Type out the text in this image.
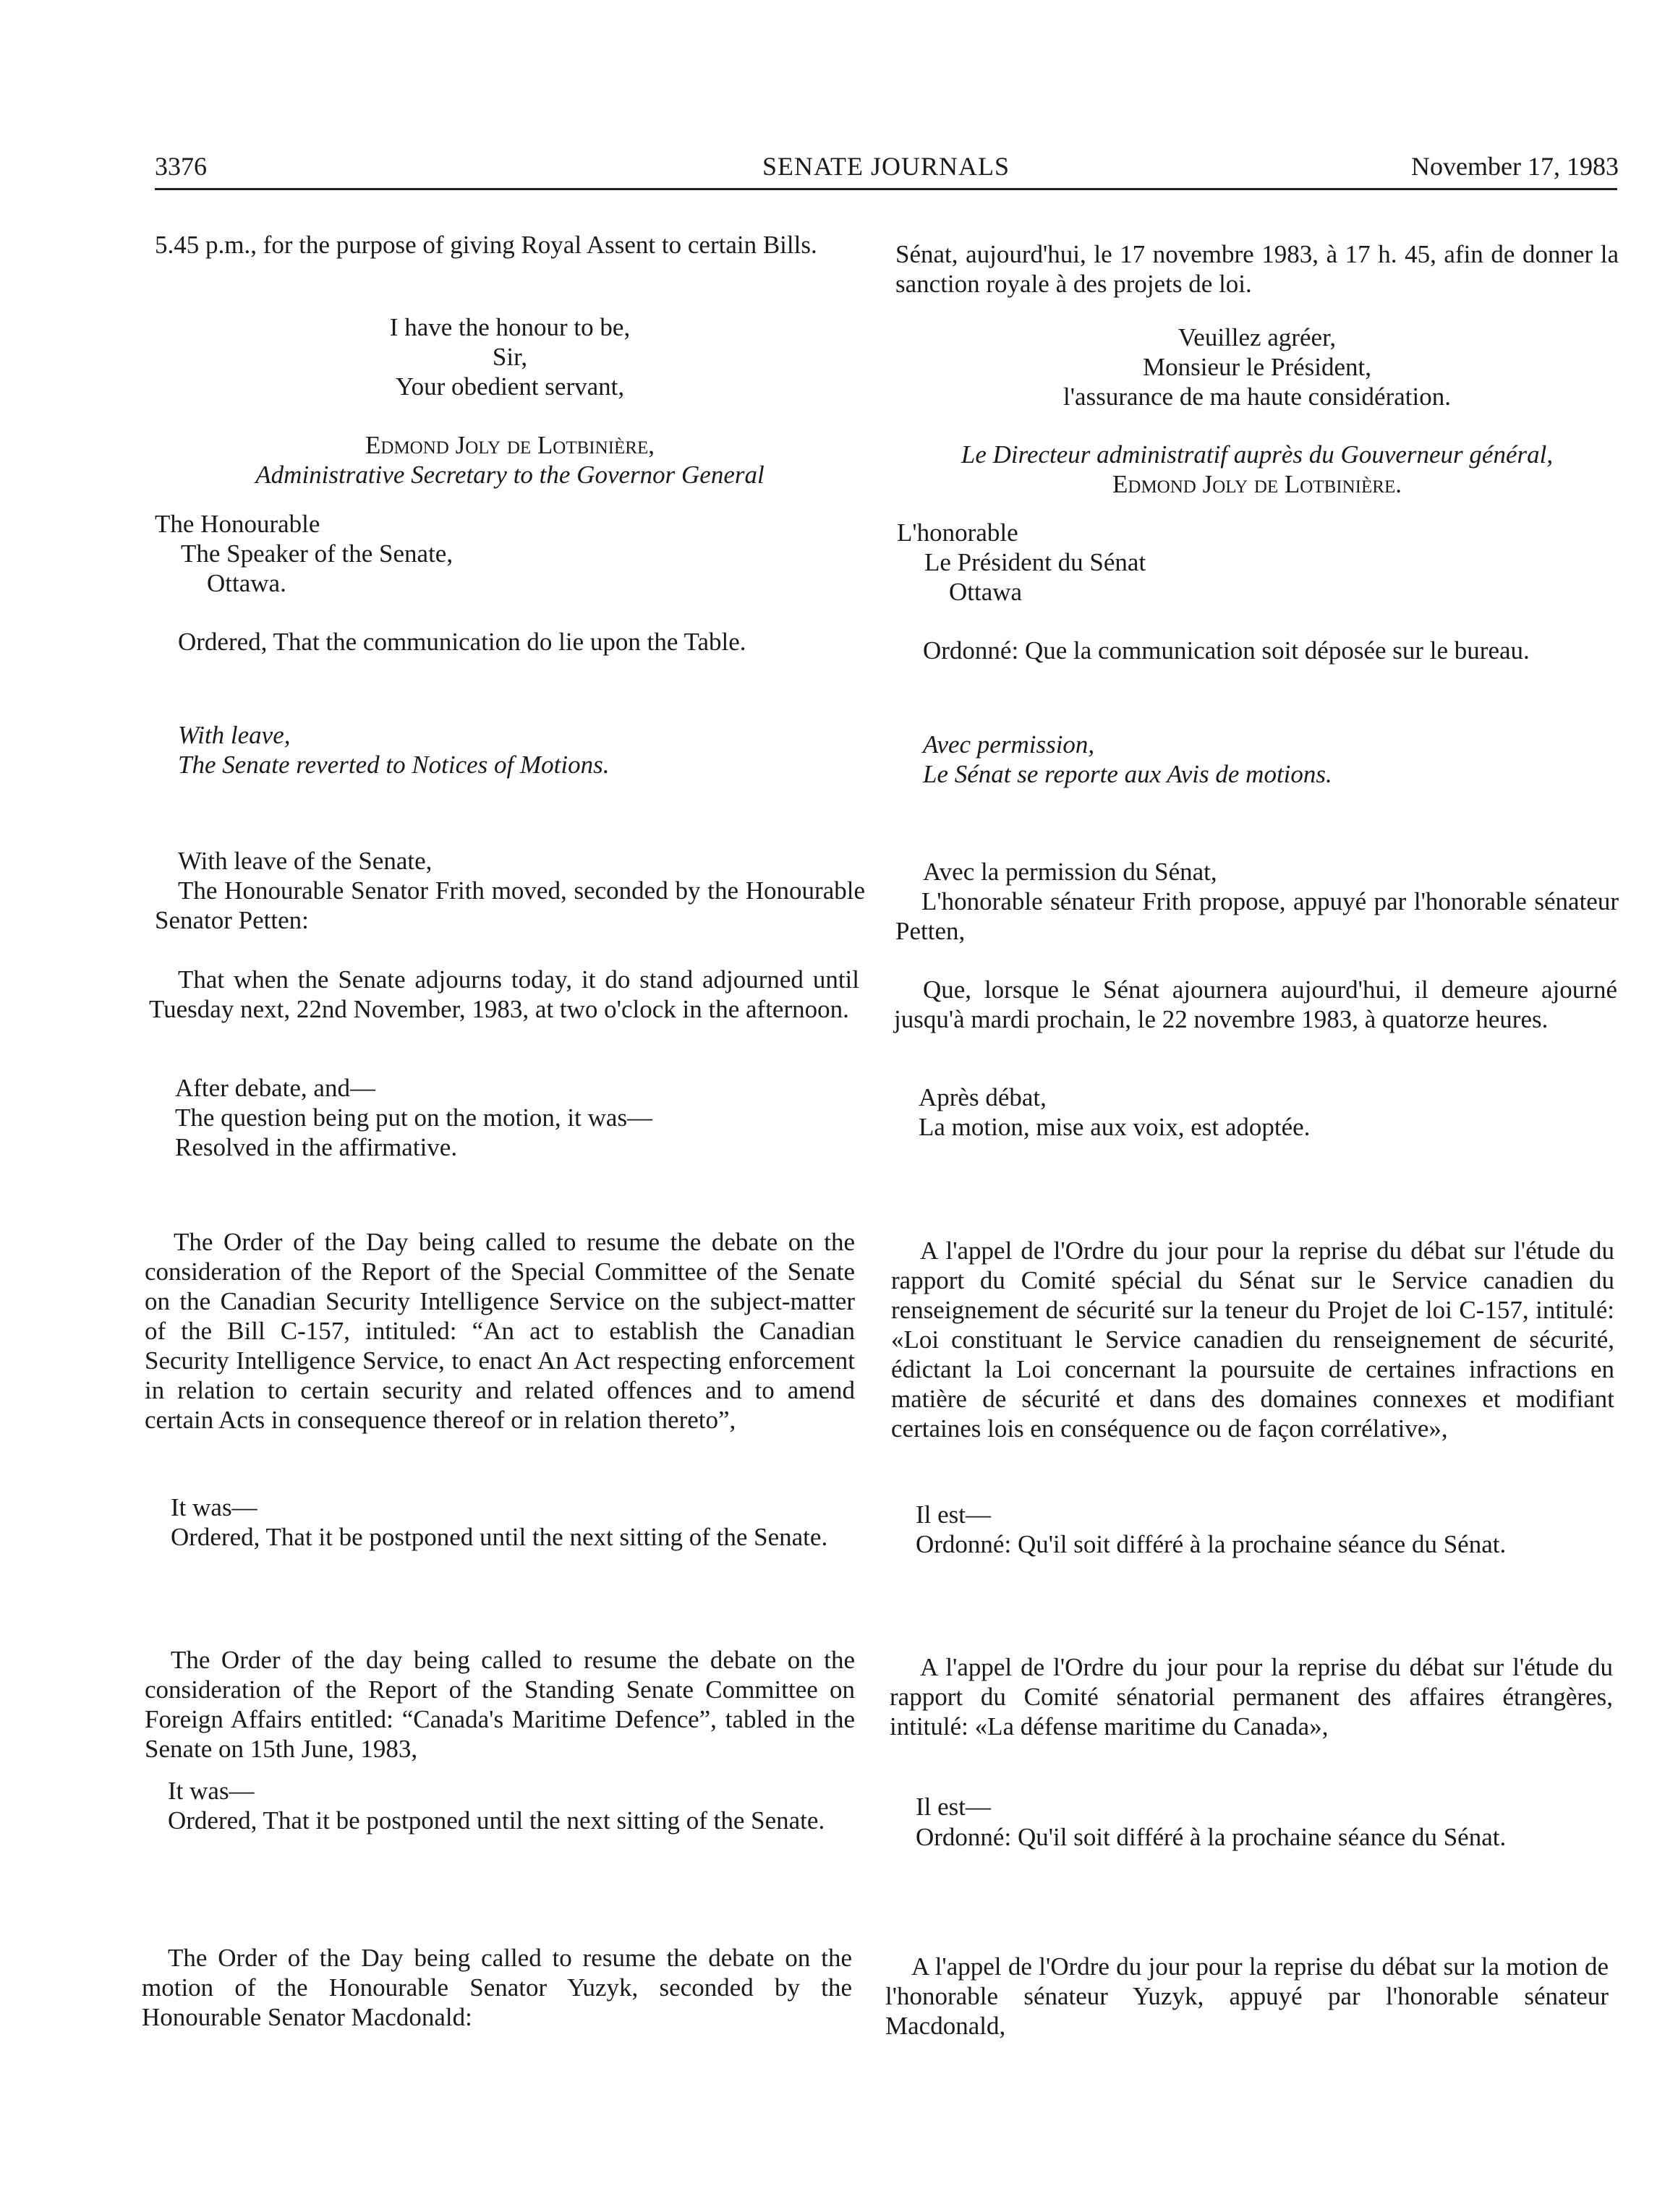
3376	SENATE JOURNALS	November 17, 1983

5.45 p.m., for the purpose of giving Royal Assent to certain Bills.

I have the honour to be,
Sir,
Your obedient servant,
Edmond Joly de Lotbinière,
Administrative Secretary to the Governor General
The Honourable
The Speaker of the Senate,
Ottawa.

Ordered, That the communication do lie upon the Table.

With leave,
The Senate reverted to Notices of Motions.

With leave of the Senate,

The Honourable Senator Frith moved, seconded by the Honourable Senator Petten:

That when the Senate adjourns today, it do stand adjourned until Tuesday next, 22nd November, 1983, at two o'clock in the afternoon.

After debate, and—
The question being put on the motion, it was—
Resolved in the affirmative.

The Order of the Day being called to resume the debate on the consideration of the Report of the Special Committee of the Senate on the Canadian Security Intelligence Service on the subject-matter of the Bill C-157, intituled: “An act to establish the Canadian Security Intelligence Service, to enact An Act respecting enforcement in relation to certain security and related offences and to amend certain Acts in consequence thereof or in relation thereto”,

It was—

Ordered, That it be postponed until the next sitting of the Senate.

The Order of the day being called to resume the debate on the consideration of the Report of the Standing Senate Committee on Foreign Affairs entitled: “Canada's Maritime Defence”, tabled in the Senate on 15th June, 1983,

It was—

Ordered, That it be postponed until the next sitting of the Senate.

The Order of the Day being called to resume the debate on the motion of the Honourable Senator Yuzyk, seconded by the Honourable Senator Macdonald:

Sénat, aujourd'hui, le 17 novembre 1983, à 17 h. 45, afin de donner la sanction royale à des projets de loi.

Veuillez agréer,
Monsieur le Président,
l'assurance de ma haute considération.
Le Directeur administratif auprès du Gouverneur général,
Edmond Joly de Lotbinière.
L'honorable
Le Président du Sénat
Ottawa

Ordonné: Que la communication soit déposée sur le bureau.

Avec permission,
Le Sénat se reporte aux Avis de motions.

Avec la permission du Sénat,

L'honorable sénateur Frith propose, appuyé par l'honorable sénateur Petten,

Que, lorsque le Sénat ajournera aujourd'hui, il demeure ajourné jusqu'à mardi prochain, le 22 novembre 1983, à quatorze heures.

Après débat,
La motion, mise aux voix, est adoptée.

A l'appel de l'Ordre du jour pour la reprise du débat sur l'étude du rapport du Comité spécial du Sénat sur le Service canadien du renseignement de sécurité sur la teneur du Projet de loi C-157, intitulé: «Loi constituant le Service canadien du renseignement de sécurité, édictant la Loi concernant la poursuite de certaines infractions en matière de sécurité et dans des domaines connexes et modifiant certaines lois en conséquence ou de façon corrélative»,

Il est—

Ordonné: Qu'il soit différé à la prochaine séance du Sénat.

A l'appel de l'Ordre du jour pour la reprise du débat sur l'étude du rapport du Comité sénatorial permanent des affaires étrangères, intitulé: «La défense maritime du Canada»,

Il est—

Ordonné: Qu'il soit différé à la prochaine séance du Sénat.

A l'appel de l'Ordre du jour pour la reprise du débat sur la motion de l'honorable sénateur Yuzyk, appuyé par l'honorable sénateur Macdonald,
